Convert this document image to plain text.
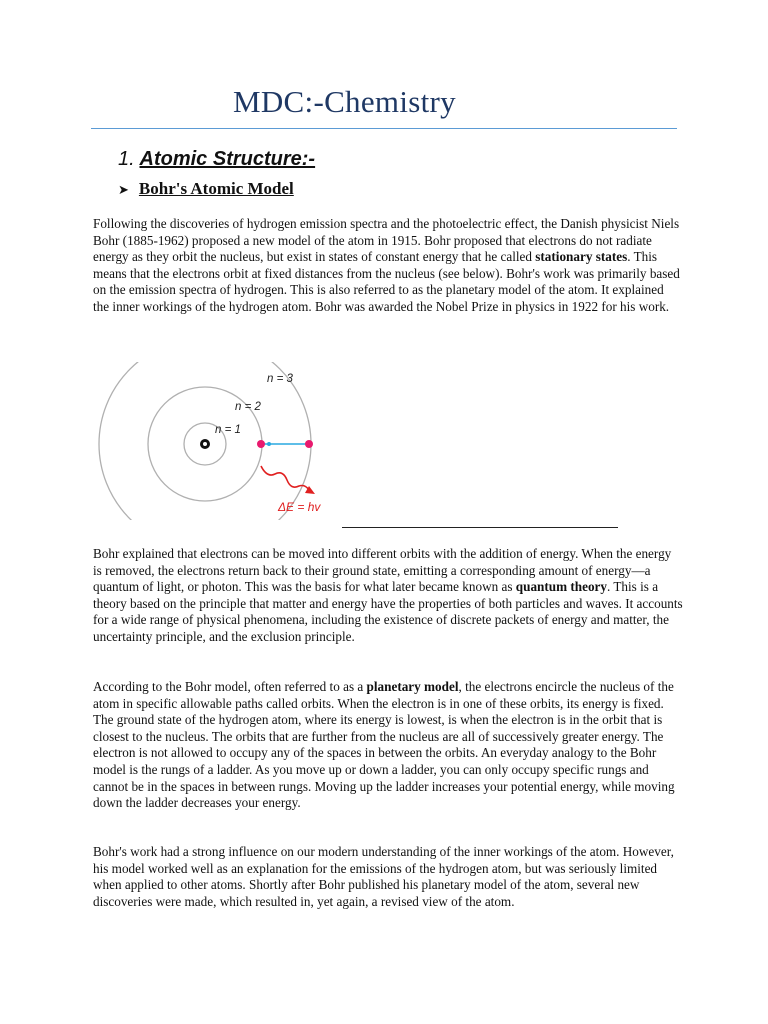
MDC:-Chemistry
1. Atomic Structure:-
➤ Bohr's Atomic Model

Following the discoveries of hydrogen emission spectra and the photoelectric effect, the Danish physicist Niels Bohr (1885-1962) proposed a new model of the atom in 1915. Bohr proposed that electrons do not radiate energy as they orbit the nucleus, but exist in states of constant energy that he called stationary states. This means that the electrons orbit at fixed distances from the nucleus (see below). Bohr's work was primarily based on the emission spectra of hydrogen. This is also referred to as the planetary model of the atom. It explained the inner workings of the hydrogen atom. Bohr was awarded the Nobel Prize in physics in 1922 for his work.

n = 3
n = 2
n = 1
ΔE = hv

Bohr explained that electrons can be moved into different orbits with the addition of energy. When the energy is removed, the electrons return back to their ground state, emitting a corresponding amount of energy—a quantum of light, or photon. This was the basis for what later became known as quantum theory. This is a theory based on the principle that matter and energy have the properties of both particles and waves. It accounts for a wide range of physical phenomena, including the existence of discrete packets of energy and matter, the uncertainty principle, and the exclusion principle.

According to the Bohr model, often referred to as a planetary model, the electrons encircle the nucleus of the atom in specific allowable paths called orbits. When the electron is in one of these orbits, its energy is fixed. The ground state of the hydrogen atom, where its energy is lowest, is when the electron is in the orbit that is closest to the nucleus. The orbits that are further from the nucleus are all of successively greater energy. The electron is not allowed to occupy any of the spaces in between the orbits. An everyday analogy to the Bohr model is the rungs of a ladder. As you move up or down a ladder, you can only occupy specific rungs and cannot be in the spaces in between rungs. Moving up the ladder increases your potential energy, while moving down the ladder decreases your energy.

Bohr's work had a strong influence on our modern understanding of the inner workings of the atom. However, his model worked well as an explanation for the emissions of the hydrogen atom, but was seriously limited when applied to other atoms. Shortly after Bohr published his planetary model of the atom, several new discoveries were made, which resulted in, yet again, a revised view of the atom.
